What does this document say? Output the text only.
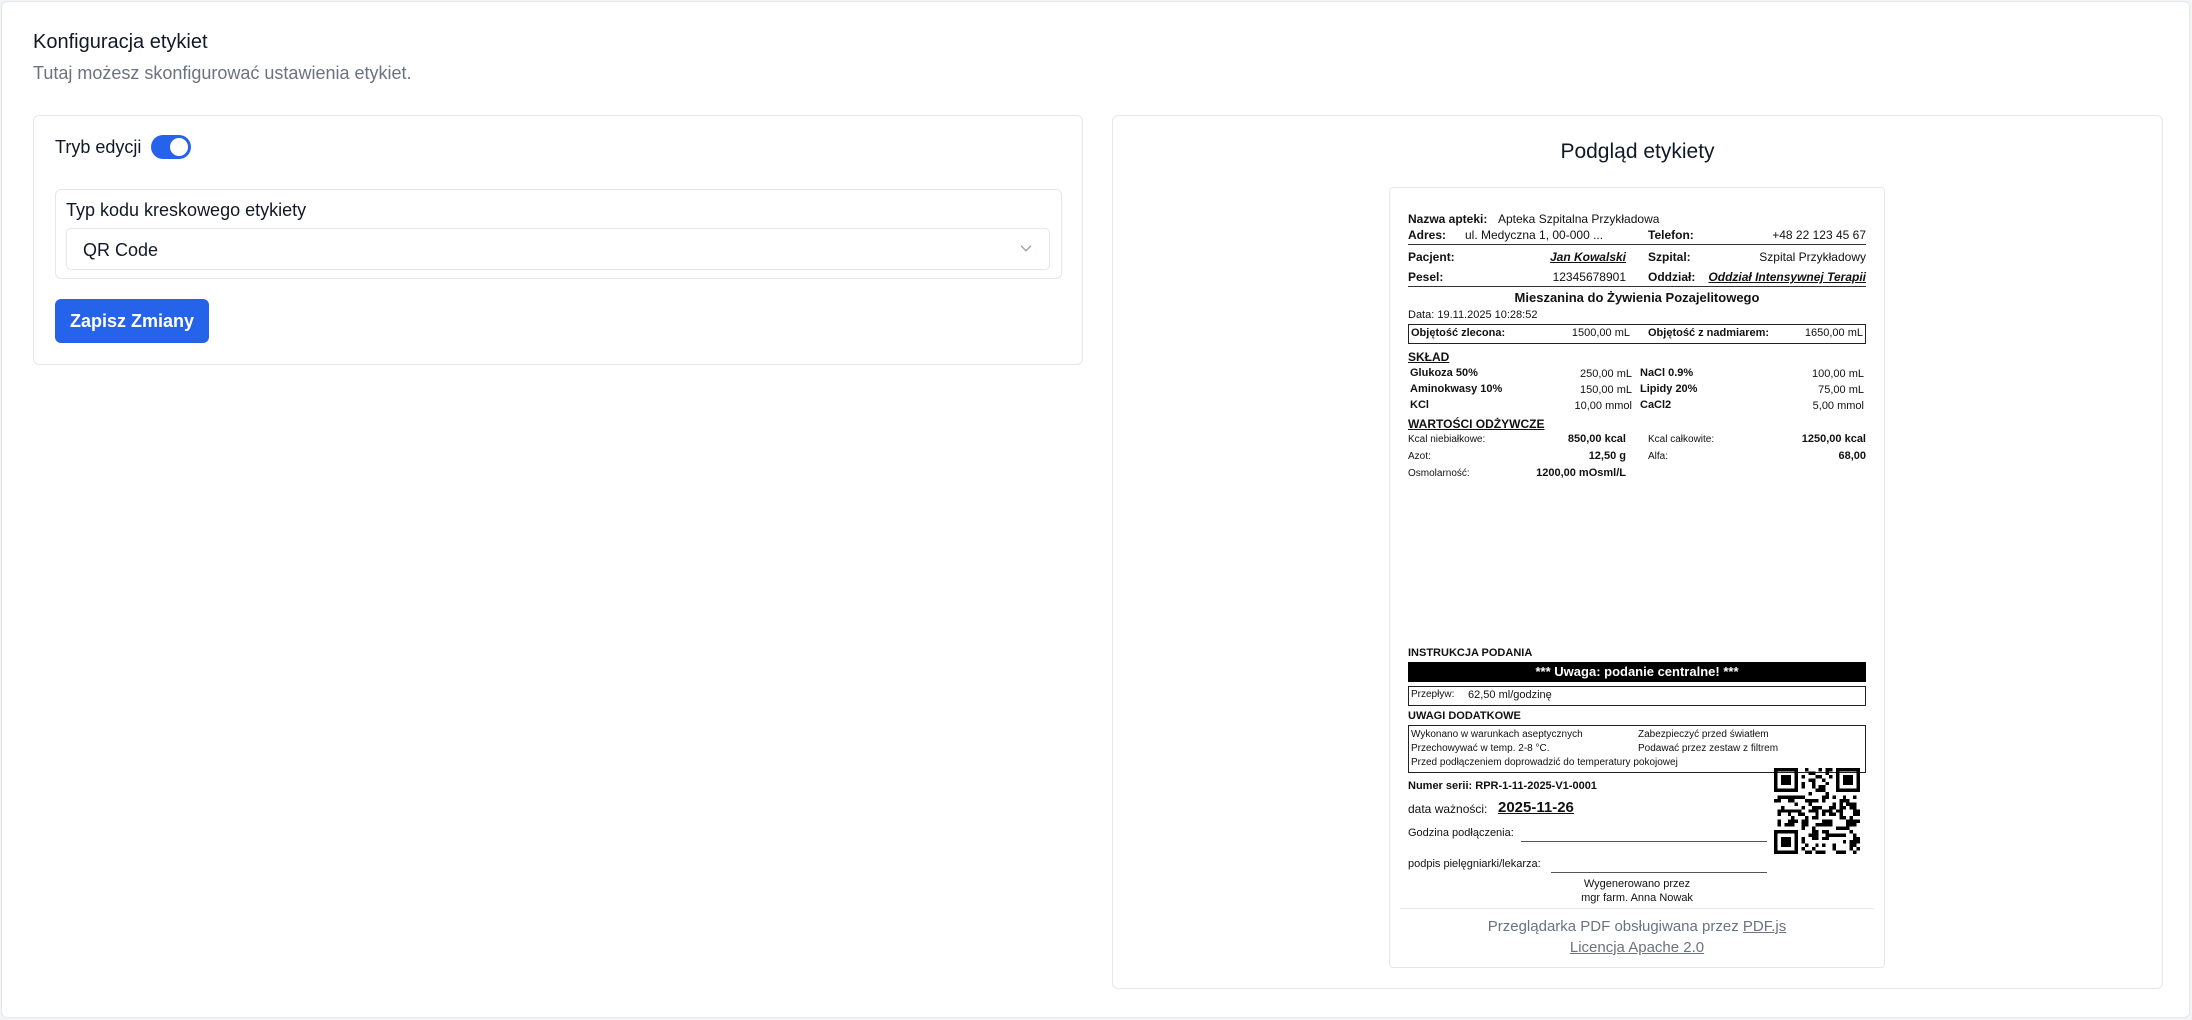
Konfiguracja etykiet
Tutaj możesz skonfigurować ustawienia etykiet.
Tryb edycji
Typ kodu kreskowego etykiety
QR Code
Zapisz Zmiany
Podgląd etykiety
Nazwa apteki: Apteka Szpitalna Przykładowa
Adres: ul. Medyczna 1, 00-000 ...	Telefon:	+48 22 123 45 67
Pacjent:	Jan Kowalski Szpital:	Szpital Przykładowy
Pesel:	12345678901 Oddział: Oddział Intensywnej Terapii
Mieszanina do Żywienia Pozajelitowego
Data: 19.11.2025 10:28:52
Objętość zlecona:	1500,00 mL Objętość z nadmiarem:	1650,00 mL
SKŁAD
Glukoza 50%	250,00 mL NaCl 0.9%	100,00 mL
Aminokwasy 10%	150,00 mL Lipidy 20%	75,00 mL
KCl	10,00 mmol CaCl2	5,00 mmol
WARTOŚCI ODŻYWCZE
Kcal niebiałkowe:	850,00 kcal Kcal całkowite:	1250,00 kcal
Azot:	12,50 g Alfa:	68,00
Osmolarność:	1200,00 mOsml/L
INSTRUKCJA PODANIA
*** Uwaga: podanie centralne! ***
Przepływ: 62,50 ml/godzinę
UWAGI DODATKOWE
Wykonano w warunkach aseptycznych	Zabezpieczyć przed światłem
Przechowywać w temp. 2-8 °C.	Podawać przez zestaw z filtrem
Przed podłączeniem doprowadzić do temperatury pokojowej
Numer serii: RPR-1-11-2025-V1-0001
data ważności: 2025-11-26
Godzina podłączenia:
podpis pielęgniarki/lekarza:
Wygenerowano przez
mgr farm. Anna Nowak
Przeglądarka PDF obsługiwana przez PDF.js
Licencja Apache 2.0
